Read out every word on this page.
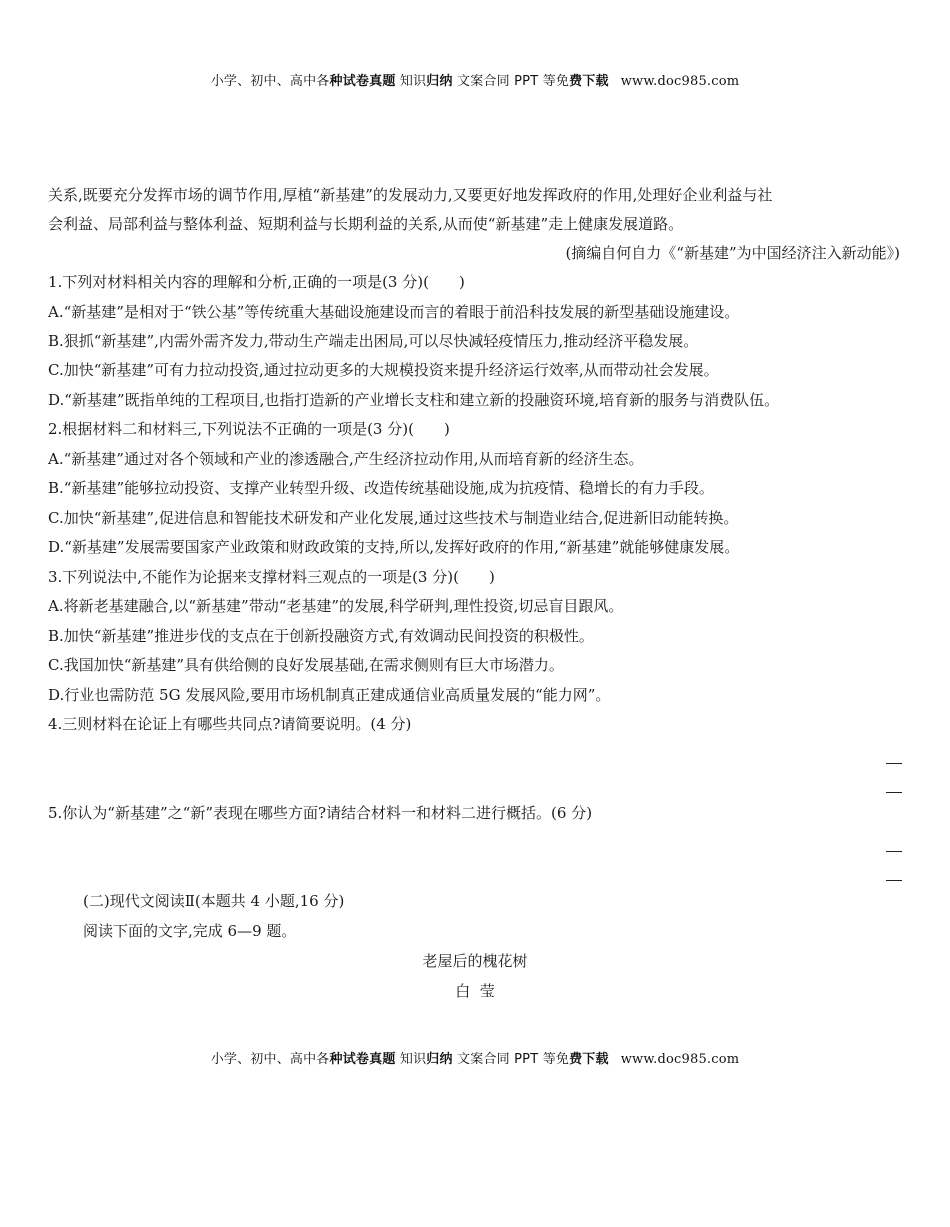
小学、初中、高中各种试卷真题 知识归纳 文案合同 PPT 等免费下载 www.doc985.com
关系,既要充分发挥市场的调节作用,厚植“新基建”的发展动力,又要更好地发挥政府的作用,处理好企业利益与社
会利益、局部利益与整体利益、短期利益与长期利益的关系,从而使“新基建”走上健康发展道路。
(摘编自何自力《“新基建”为中国经济注入新动能》)
1.下列对材料相关内容的理解和分析,正确的一项是(3 分)(　　)
A.“新基建”是相对于“铁公基”等传统重大基础设施建设而言的着眼于前沿科技发展的新型基础设施建设。
B.狠抓“新基建”,内需外需齐发力,带动生产端走出困局,可以尽快减轻疫情压力,推动经济平稳发展。
C.加快“新基建”可有力拉动投资,通过拉动更多的大规模投资来提升经济运行效率,从而带动社会发展。
D.“新基建”既指单纯的工程项目,也指打造新的产业增长支柱和建立新的投融资环境,培育新的服务与消费队伍。
2.根据材料二和材料三,下列说法不正确的一项是(3 分)(　　)
A.“新基建”通过对各个领域和产业的渗透融合,产生经济拉动作用,从而培育新的经济生态。
B.“新基建”能够拉动投资、支撑产业转型升级、改造传统基础设施,成为抗疫情、稳增长的有力手段。
C.加快“新基建”,促进信息和智能技术研发和产业化发展,通过这些技术与制造业结合,促进新旧动能转换。
D.“新基建”发展需要国家产业政策和财政政策的支持,所以,发挥好政府的作用,“新基建”就能够健康发展。
3.下列说法中,不能作为论据来支撑材料三观点的一项是(3 分)(　　)
A.将新老基建融合,以“新基建”带动“老基建”的发展,科学研判,理性投资,切忌盲目跟风。
B.加快“新基建”推进步伐的支点在于创新投融资方式,有效调动民间投资的积极性。
C.我国加快“新基建”具有供给侧的良好发展基础,在需求侧则有巨大市场潜力。
D.行业也需防范 5G 发展风险,要用市场机制真正建成通信业高质量发展的“能力网”。
4.三则材料在论证上有哪些共同点?请简要说明。(4 分)
5.你认为“新基建”之“新”表现在哪些方面?请结合材料一和材料二进行概括。(6 分)
(二)现代文阅读Ⅱ(本题共 4 小题,16 分)
阅读下面的文字,完成 6—9 题。
老屋后的槐花树
白  莹
小学、初中、高中各种试卷真题 知识归纳 文案合同 PPT 等免费下载 www.doc985.com
